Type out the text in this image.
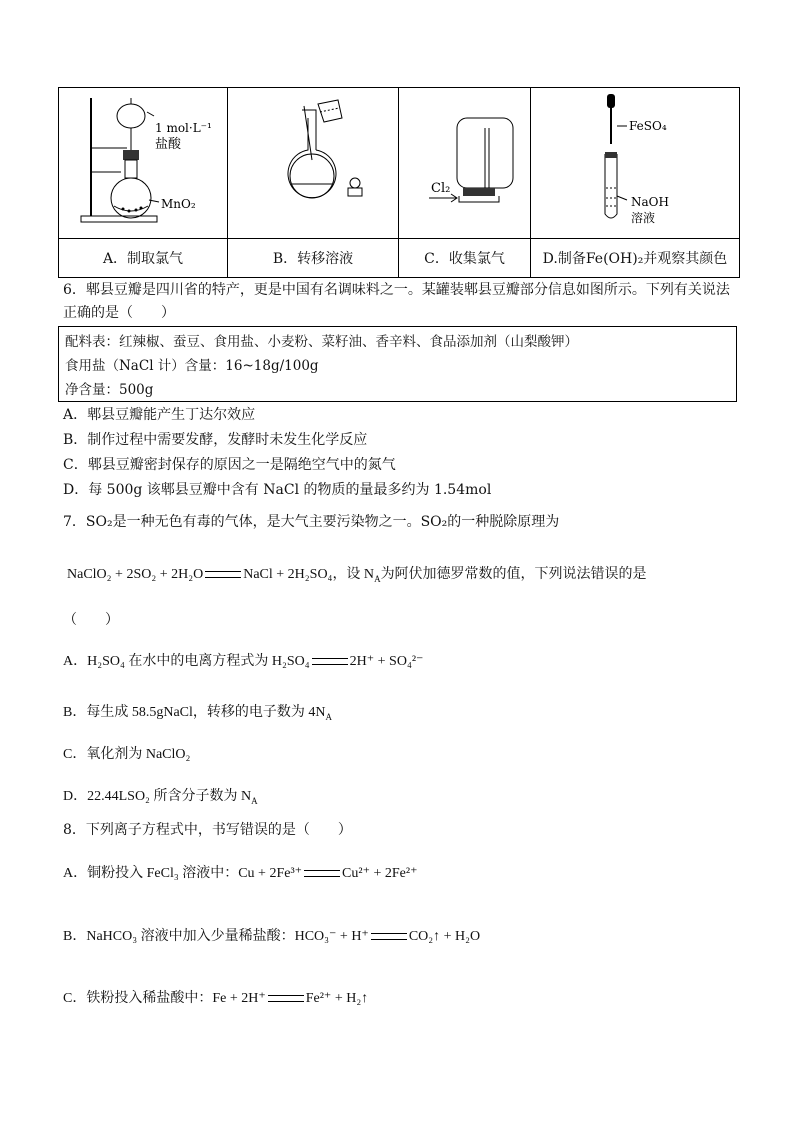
1 mol·L⁻¹
盐酸
MnO₂		Cl₂	FeSO₄
NaOH
溶液

A．制取氯气	B．转移溶液	C．收集氯气	D.制备Fe(OH)₂并观察其颜色
6．郫县豆瓣是四川省的特产，更是中国有名调味料之一。某罐装郫县豆瓣部分信息如图所示。下列有关说法
正确的是（　　）
配料表：红辣椒、蚕豆、食用盐、小麦粉、菜籽油、香辛料、食品添加剂（山梨酸钾）
食用盐（NaCl 计）含量：16~18g/100g
净含量：500g
A．郫县豆瓣能产生丁达尔效应
B．制作过程中需要发酵，发酵时未发生化学反应
C．郫县豆瓣密封保存的原因之一是隔绝空气中的氮气
D．每 500g 该郫县豆瓣中含有 NaCl 的物质的量最多约为 1.54mol
7．SO₂是一种无色有毒的气体，是大气主要污染物之一。SO₂的一种脱除原理为
NaClO₂ + 2SO₂ + 2H₂O	NaCl + 2H₂SO₄，设 $N_A$为阿伏加德罗常数的值，下列说法错误的是
（　　）
A．H₂SO₄ 在水中的电离方程式为 H₂SO₄	2H⁺ + SO₄²⁻
B．每生成 58.5gNaCl，转移的电子数为 $4N_A$
C．氧化剂为 NaClO₂
D．22.44LSO₂ 所含分子数为 $N_A$
8．下列离子方程式中，书写错误的是（　　）
A．铜粉投入 FeCl₃ 溶液中：Cu + 2Fe³⁺	Cu²⁺ + 2Fe²⁺
B．NaHCO₃ 溶液中加入少量稀盐酸：HCO₃⁻ + H⁺	CO₂↑ + H₂O
C．铁粉投入稀盐酸中：Fe + 2H⁺	Fe²⁺ + H₂↑
